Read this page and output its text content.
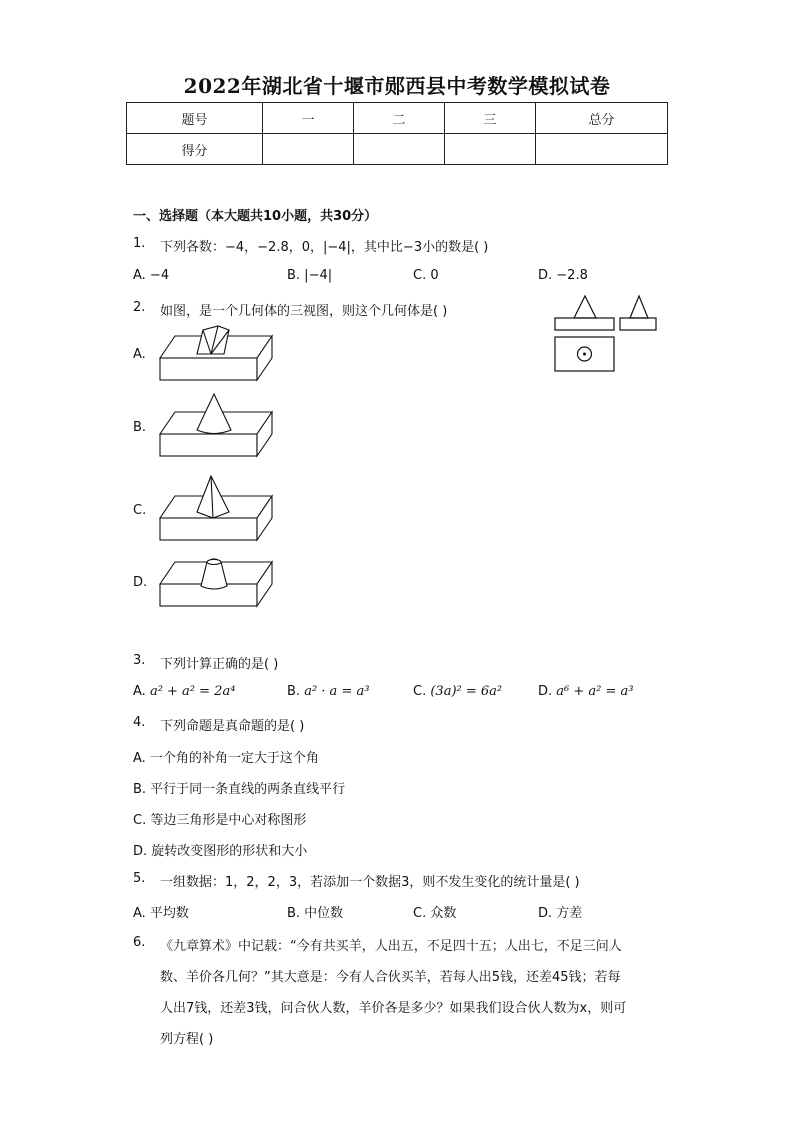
2022年湖北省十堰市郧西县中考数学模拟试卷
题号	一	二	三	总分
得分				
一、选择题（本大题共10小题，共30分）
1. 下列各数：−4，−2.8，0，|−4|，其中比−3小的数是( )
A. −4	B. |−4|	C. 0	D. −2.8
2. 如图，是一个几何体的三视图，则这个几何体是( )
A.
B.
C.
D.
3. 下列计算正确的是( )
A. a² + a² = 2a⁴	B. a² · a = a³	C. (3a)² = 6a²	D. a⁶ + a² = a³
4. 下列命题是真命题的是( )
A. 一个角的补角一定大于这个角
B. 平行于同一条直线的两条直线平行
C. 等边三角形是中心对称图形
D. 旋转改变图形的形状和大小
5. 一组数据：1，2，2，3，若添加一个数据3，则不发生变化的统计量是( )
A. 平均数	B. 中位数	C. 众数	D. 方差
6. 《九章算术》中记载：“今有共买羊，人出五，不足四十五；人出七，不足三问人
数、羊价各几何？”其大意是：今有人合伙买羊，若每人出5钱，还差45钱；若每
人出7钱，还差3钱，问合伙人数，羊价各是多少？如果我们设合伙人数为x，则可
列方程( )
